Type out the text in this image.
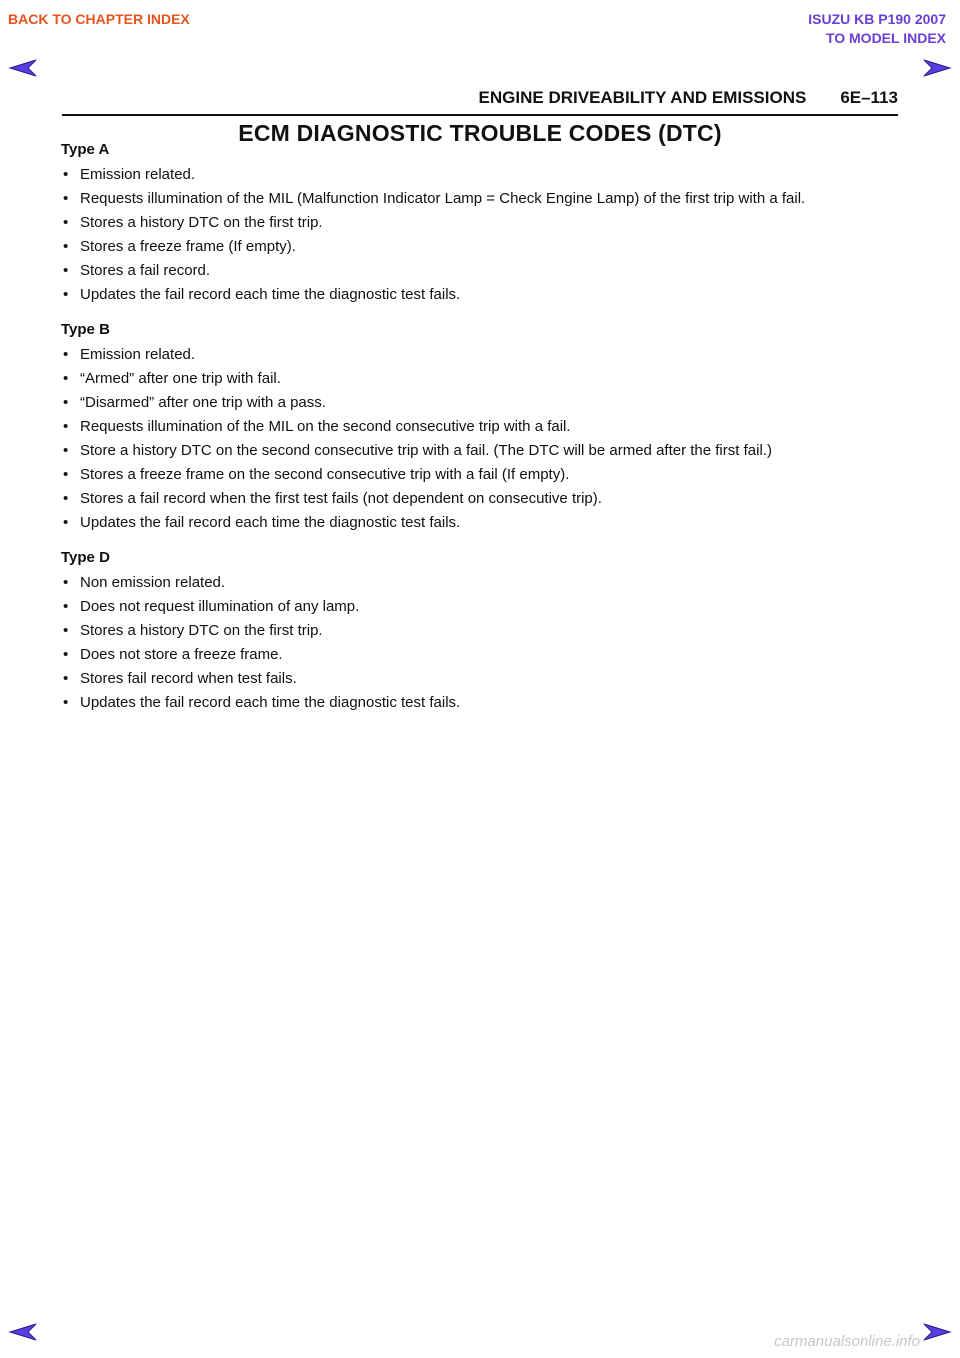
BACK TO CHAPTER INDEX	ISUZU KB P190 2007
TO MODEL INDEX
ENGINE DRIVEABILITY AND EMISSIONS 6E–113
ECM DIAGNOSTIC TROUBLE CODES (DTC)

Type A

• Emission related.
• Requests illumination of the MIL (Malfunction Indicator Lamp = Check Engine Lamp) of the first trip with a fail.
• Stores a history DTC on the first trip.
• Stores a freeze frame (If empty).
• Stores a fail record.
• Updates the fail record each time the diagnostic test fails.

Type B

• Emission related.
• “Armed” after one trip with fail.
• “Disarmed” after one trip with a pass.
• Requests illumination of the MIL on the second consecutive trip with a fail.
• Store a history DTC on the second consecutive trip with a fail. (The DTC will be armed after the first fail.)
• Stores a freeze frame on the second consecutive trip with a fail (If empty).
• Stores a fail record when the first test fails (not dependent on consecutive trip).
• Updates the fail record each time the diagnostic test fails.

Type D

• Non emission related.
• Does not request illumination of any lamp.
• Stores a history DTC on the first trip.
• Does not store a freeze frame.
• Stores fail record when test fails.
• Updates the fail record each time the diagnostic test fails.
carmanualsonline.info
